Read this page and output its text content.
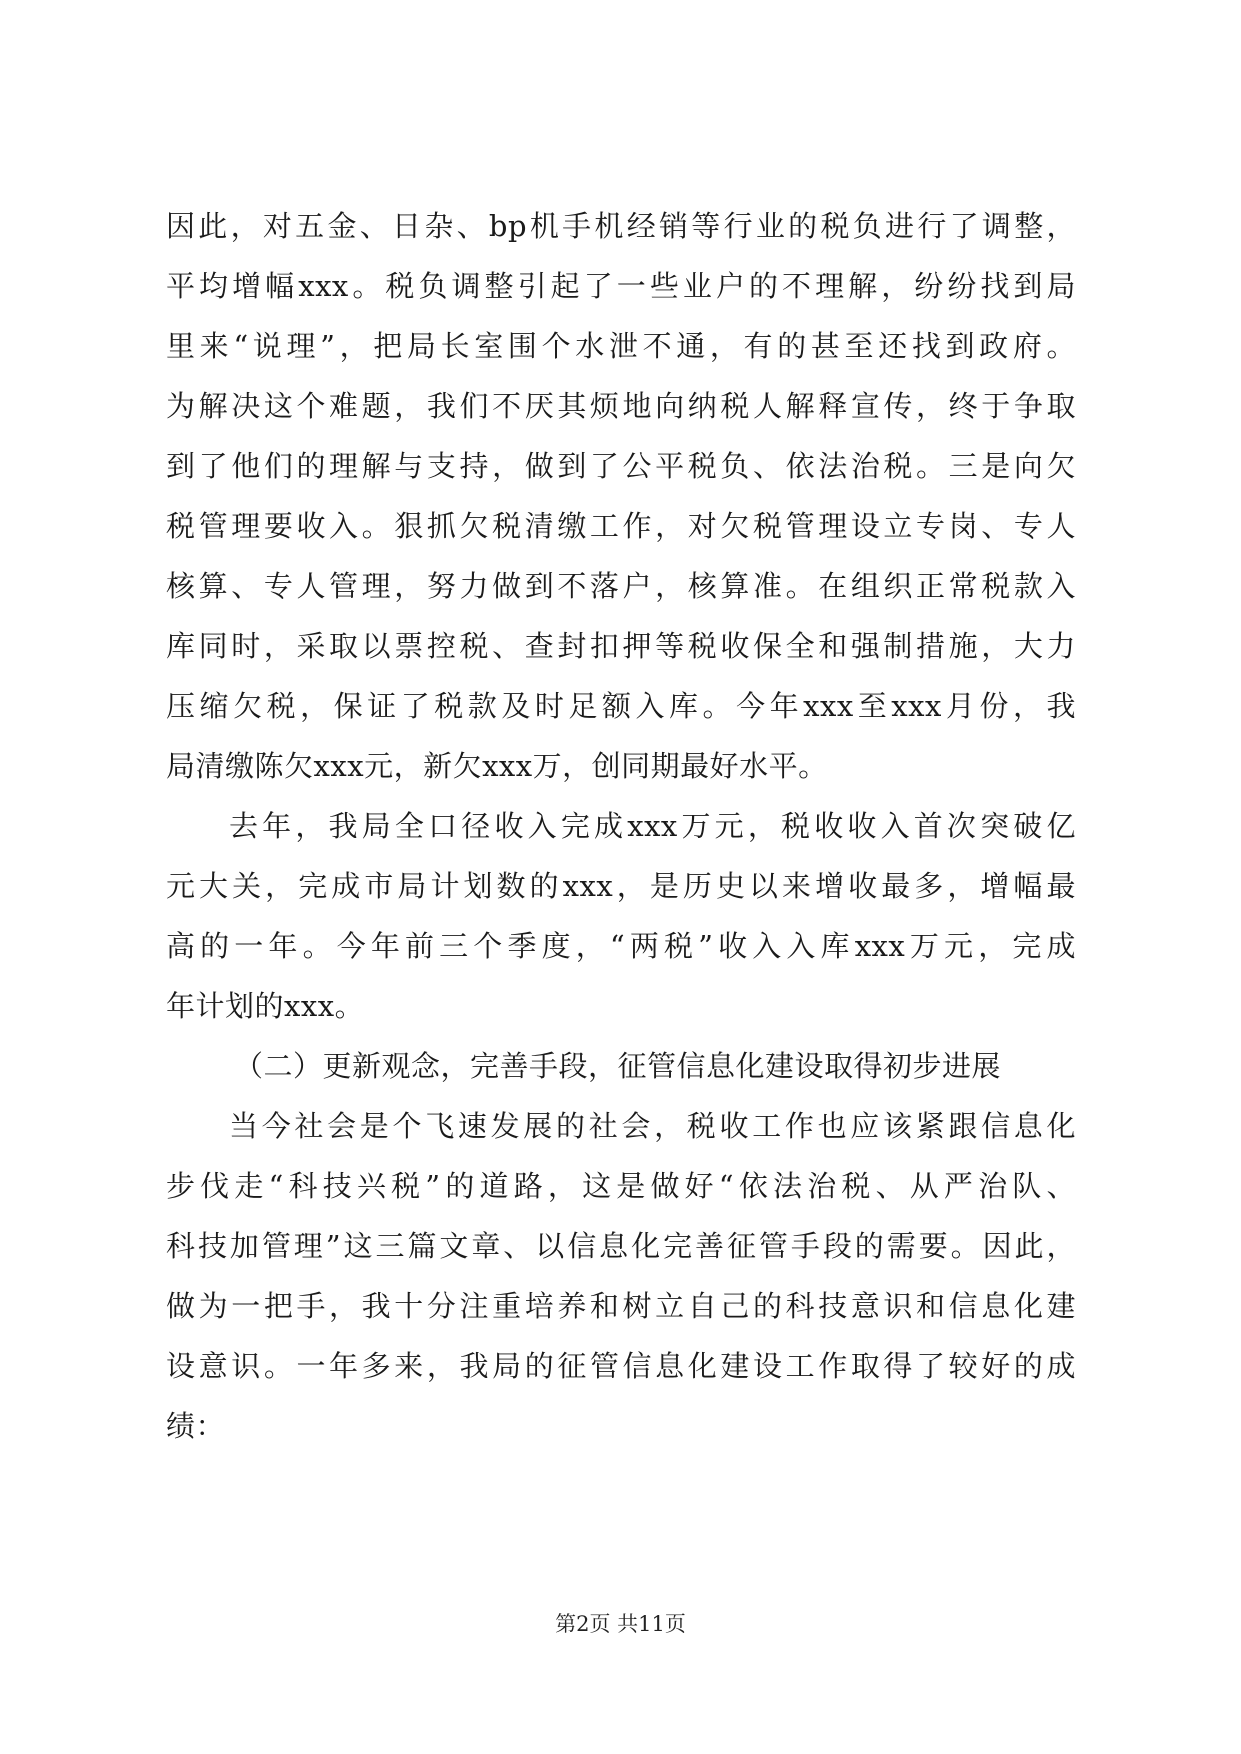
因此，对五金、日杂、bp机手机经销等行业的税负进行了调整，
平均增幅xxx。税负调整引起了一些业户的不理解，纷纷找到局
里来“说理”，把局长室围个水泄不通，有的甚至还找到政府。
为解决这个难题，我们不厌其烦地向纳税人解释宣传，终于争取
到了他们的理解与支持，做到了公平税负、依法治税。三是向欠
税管理要收入。狠抓欠税清缴工作，对欠税管理设立专岗、专人
核算、专人管理，努力做到不落户，核算准。在组织正常税款入
库同时，采取以票控税、查封扣押等税收保全和强制措施，大力
压缩欠税，保证了税款及时足额入库。今年xxx至xxx月份，我
局清缴陈欠xxx元，新欠xxx万，创同期最好水平。
去年，我局全口径收入完成xxx万元，税收收入首次突破亿
元大关，完成市局计划数的xxx，是历史以来增收最多，增幅最
高的一年。今年前三个季度，“两税”收入入库xxx万元，完成
年计划的xxx。
（二）更新观念，完善手段，征管信息化建设取得初步进展
当今社会是个飞速发展的社会，税收工作也应该紧跟信息化
步伐走“科技兴税”的道路，这是做好“依法治税、从严治队、
科技加管理”这三篇文章、以信息化完善征管手段的需要。因此，
做为一把手，我十分注重培养和树立自己的科技意识和信息化建
设意识。一年多来，我局的征管信息化建设工作取得了较好的成
绩：
第2页 共11页
